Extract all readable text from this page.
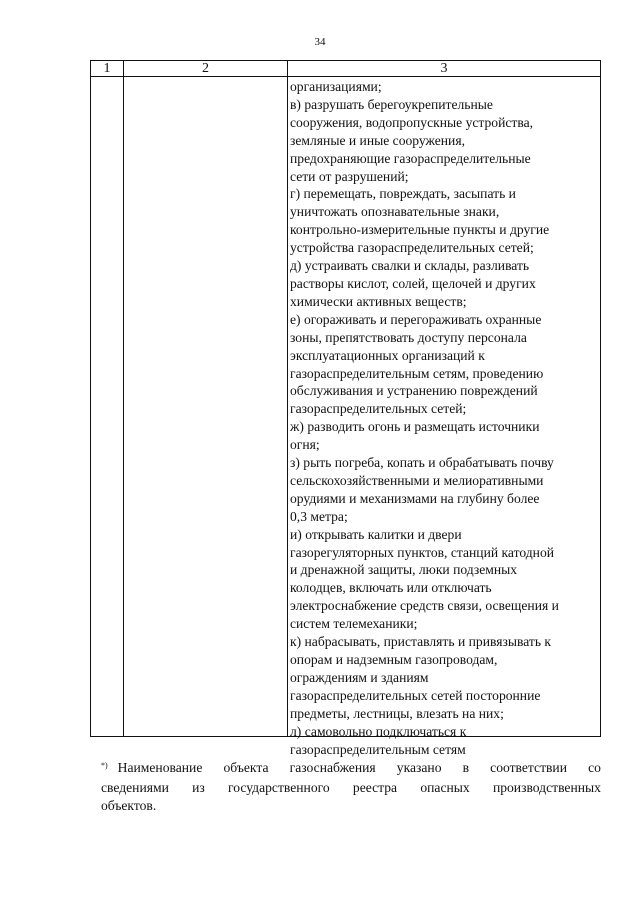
34
1	2	3
организациями;
в) разрушать берегоукрепительные
сооружения, водопропускные устройства,
земляные и иные сооружения,
предохраняющие газораспределительные
сети от разрушений;
г) перемещать, повреждать, засыпать и
уничтожать опознавательные знаки,
контрольно-измерительные пункты и другие
устройства газораспределительных сетей;
д) устраивать свалки и склады, разливать
растворы кислот, солей, щелочей и других
химически активных веществ;
е) огораживать и перегораживать охранные
зоны, препятствовать доступу персонала
эксплуатационных организаций к
газораспределительным сетям, проведению
обслуживания и устранению повреждений
газораспределительных сетей;
ж) разводить огонь и размещать источники
огня;
з) рыть погреба, копать и обрабатывать почву
сельскохозяйственными и мелиоративными
орудиями и механизмами на глубину более
0,3 метра;
и) открывать калитки и двери
газорегуляторных пунктов, станций катодной
и дренажной защиты, люки подземных
колодцев, включать или отключать
электроснабжение средств связи, освещения и
систем телемеханики;
к) набрасывать, приставлять и привязывать к
опорам и надземным газопроводам,
ограждениям и зданиям
газораспределительных сетей посторонние
предметы, лестницы, влезать на них;
л) самовольно подключаться к
газораспределительным сетям
*) Наименование объекта газоснабжения указано в соответствии со
сведениями из государственного реестра опасных производственных
объектов.
